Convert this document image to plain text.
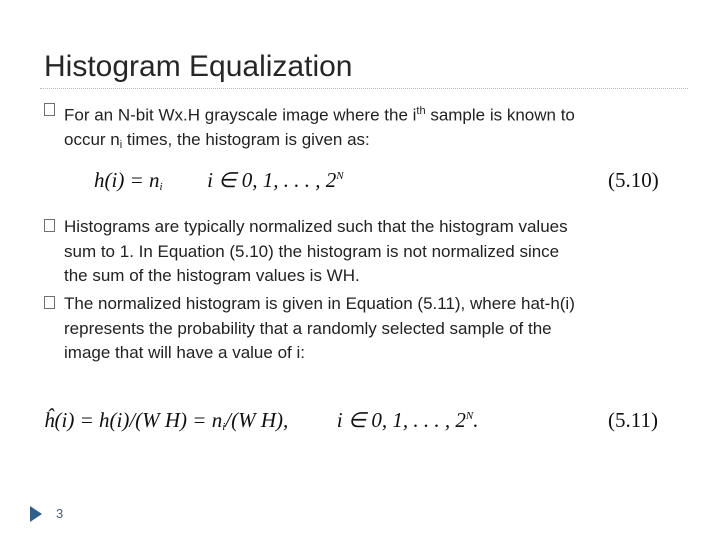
Histogram Equalization
For an N-bit Wx.H grayscale image where the $i^{th}$ sample is known to
occur $n_i$ times, the histogram is given as:
$h(i) = n_i$ i ∈ 0, 1, . . . , $2^N$	(5.10)
Histograms are typically normalized such that the histogram values
sum to 1. In Equation (5.10) the histogram is not normalized since
the sum of the histogram values is WH.
The normalized histogram is given in Equation (5.11), where hat-h(i)
represents the probability that a randomly selected sample of the
image that will have a value of i:
ĥ(i) = h(i)/(W $H) = n_i/(W$ H), i ∈ 0, 1, . . . , $2^N$.	(5.11)
3
